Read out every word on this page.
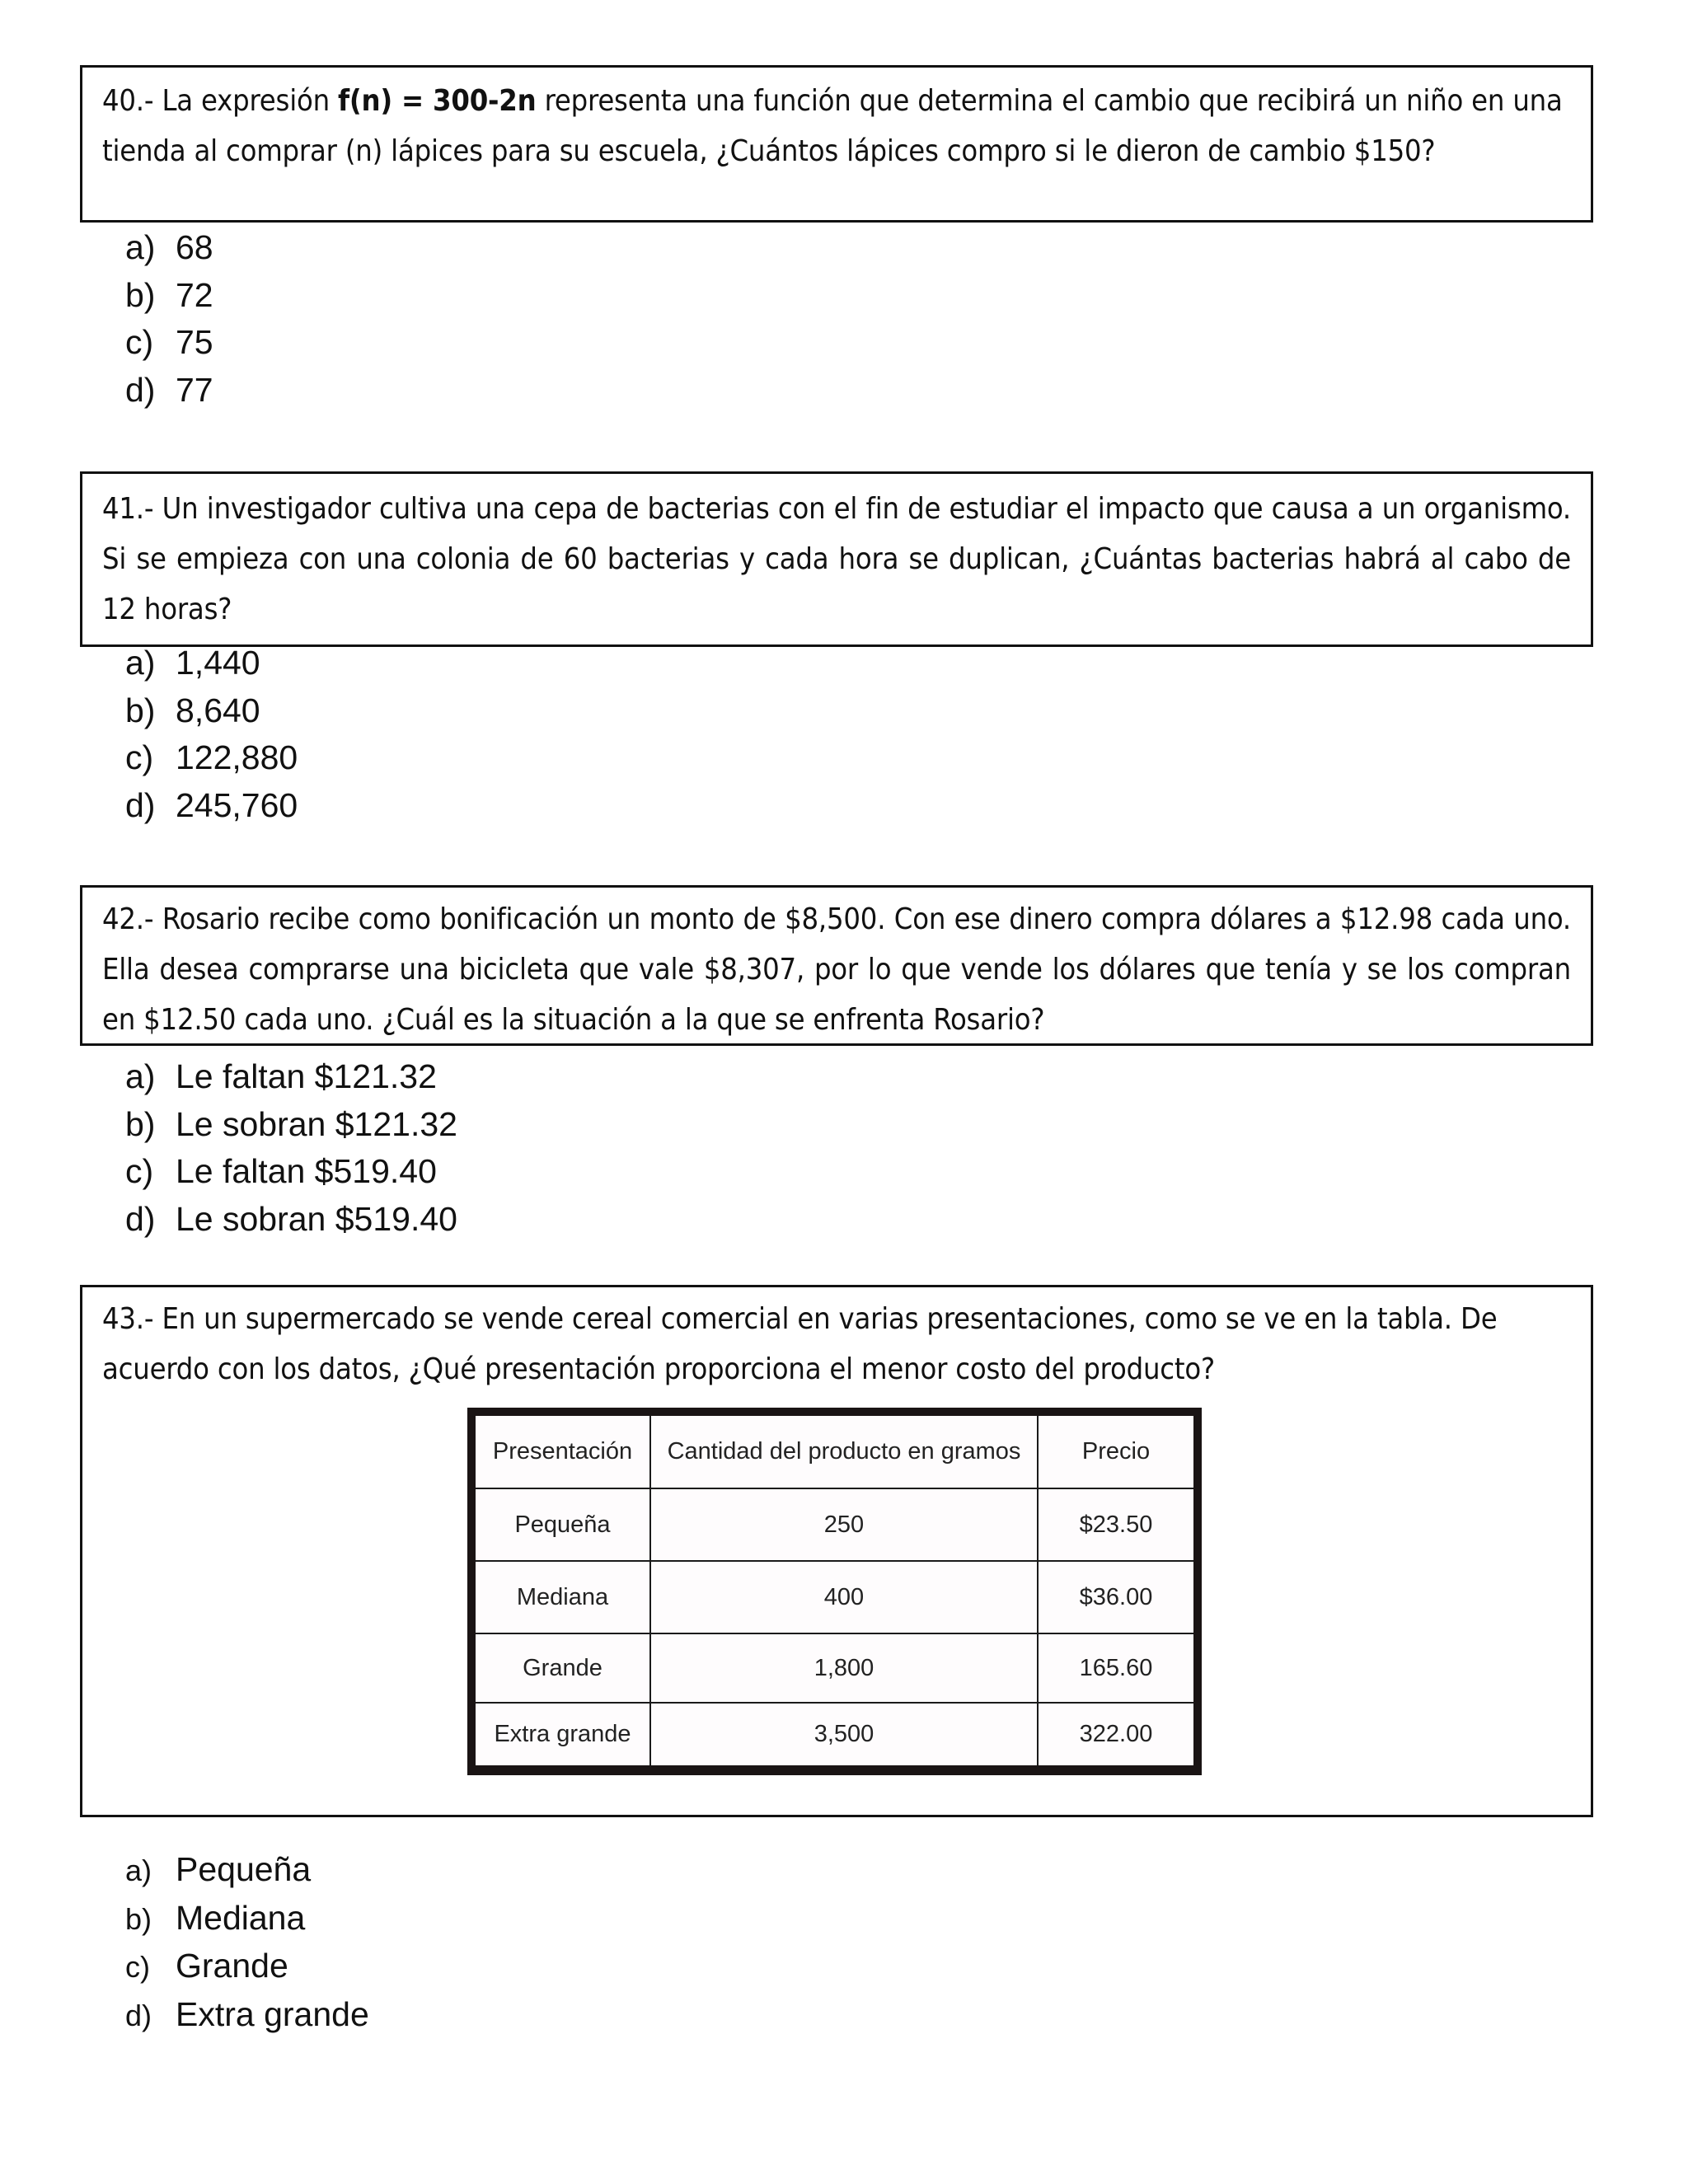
40.- La expresión f(n) = 300-2n representa una función que determina el cambio que recibirá un niño en una tienda al comprar (n) lápices para su escuela, ¿Cuántos lápices compro si le dieron de cambio $150?
a) 68
b) 72
c) 75
d) 77
41.- Un investigador cultiva una cepa de bacterias con el fin de estudiar el impacto que causa a un organismo. Si se empieza con una colonia de 60 bacterias y cada hora se duplican, ¿Cuántas bacterias habrá al cabo de 12 horas?
a) 1,440
b) 8,640
c) 122,880
d) 245,760
42.- Rosario recibe como bonificación un monto de $8,500. Con ese dinero compra dólares a $12.98 cada uno. Ella desea comprarse una bicicleta que vale $8,307, por lo que vende los dólares que tenía y se los compran en $12.50 cada uno. ¿Cuál es la situación a la que se enfrenta Rosario?
a) Le faltan $121.32
b) Le sobran $121.32
c) Le faltan $519.40
d) Le sobran $519.40
43.- En un supermercado se vende cereal comercial en varias presentaciones, como se ve en la tabla. De acuerdo con los datos, ¿Qué presentación proporciona el menor costo del producto?
Presentación	Cantidad del producto en gramos	Precio
Pequeña	250	$23.50
Mediana	400	$36.00
Grande	1,800	165.60
Extra grande	3,500	322.00
a) Pequeña
b) Mediana
c) Grande
d) Extra grande
